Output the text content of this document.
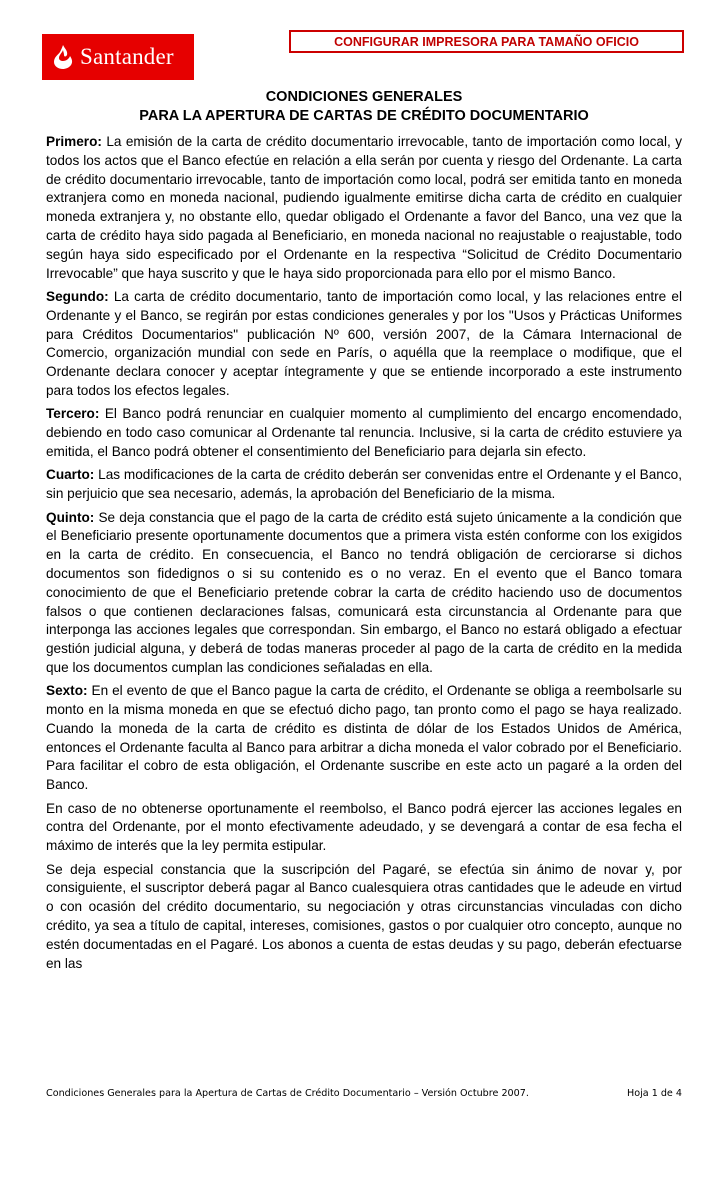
Santander
CONFIGURAR IMPRESORA PARA TAMAÑO OFICIO
CONDICIONES GENERALES
PARA LA APERTURA DE CARTAS DE CRÉDITO DOCUMENTARIO

Primero: La emisión de la carta de crédito documentario irrevocable, tanto de importación como local, y todos los actos que el Banco efectúe en relación a ella serán por cuenta y riesgo del Ordenante. La carta de crédito documentario irrevocable, tanto de importación como local, podrá ser emitida tanto en moneda extranjera como en moneda nacional, pudiendo igualmente emitirse dicha carta de crédito en cualquier moneda extranjera y, no obstante ello, quedar obligado el Ordenante a favor del Banco, una vez que la carta de crédito haya sido pagada al Beneficiario, en moneda nacional no reajustable o reajustable, todo según haya sido especificado por el Ordenante en la respectiva “Solicitud de Crédito Documentario Irrevocable” que haya suscrito y que le haya sido proporcionada para ello por el mismo Banco.

Segundo: La carta de crédito documentario, tanto de importación como local, y las relaciones entre el Ordenante y el Banco, se regirán por estas condiciones generales y por los "Usos y Prácticas Uniformes para Créditos Documentarios" publicación Nº 600, versión 2007, de la Cámara Internacional de Comercio, organización mundial con sede en París, o aquélla que la reemplace o modifique, que el Ordenante declara conocer y aceptar íntegramente y que se entiende incorporado a este instrumento para todos los efectos legales.

Tercero: El Banco podrá renunciar en cualquier momento al cumplimiento del encargo encomendado, debiendo en todo caso comunicar al Ordenante tal renuncia. Inclusive, si la carta de crédito estuviere ya emitida, el Banco podrá obtener el consentimiento del Beneficiario para dejarla sin efecto.

Cuarto: Las modificaciones de la carta de crédito deberán ser convenidas entre el Ordenante y el Banco, sin perjuicio que sea necesario, además, la aprobación del Beneficiario de la misma.

Quinto: Se deja constancia que el pago de la carta de crédito está sujeto únicamente a la condición que el Beneficiario presente oportunamente documentos que a primera vista estén conforme con los exigidos en la carta de crédito. En consecuencia, el Banco no tendrá obligación de cerciorarse si dichos documentos son fidedignos o si su contenido es o no veraz. En el evento que el Banco tomara conocimiento de que el Beneficiario pretende cobrar la carta de crédito haciendo uso de documentos falsos o que contienen declaraciones falsas, comunicará esta circunstancia al Ordenante para que interponga las acciones legales que correspondan. Sin embargo, el Banco no estará obligado a efectuar gestión judicial alguna, y deberá de todas maneras proceder al pago de la carta de crédito en la medida que los documentos cumplan las condiciones señaladas en ella.

Sexto: En el evento de que el Banco pague la carta de crédito, el Ordenante se obliga a reembolsarle su monto en la misma moneda en que se efectuó dicho pago, tan pronto como el pago se haya realizado. Cuando la moneda de la carta de crédito es distinta de dólar de los Estados Unidos de América, entonces el Ordenante faculta al Banco para arbitrar a dicha moneda el valor cobrado por el Beneficiario. Para facilitar el cobro de esta obligación, el Ordenante suscribe en este acto un pagaré a la orden del Banco.

En caso de no obtenerse oportunamente el reembolso, el Banco podrá ejercer las acciones legales en contra del Ordenante, por el monto efectivamente adeudado, y se devengará a contar de esa fecha el máximo de interés que la ley permita estipular.

Se deja especial constancia que la suscripción del Pagaré, se efectúa sin ánimo de novar y, por consiguiente, el suscriptor deberá pagar al Banco cualesquiera otras cantidades que le adeude en virtud o con ocasión del crédito documentario, su negociación y otras circunstancias vinculadas con dicho crédito, ya sea a título de capital, intereses, comisiones, gastos o por cualquier otro concepto, aunque no estén documentadas en el Pagaré. Los abonos a cuenta de estas deudas y su pago, deberán efectuarse en las

Condiciones Generales para la Apertura de Cartas de Crédito Documentario – Versión Octubre 2007.	Hoja 1 de 4
